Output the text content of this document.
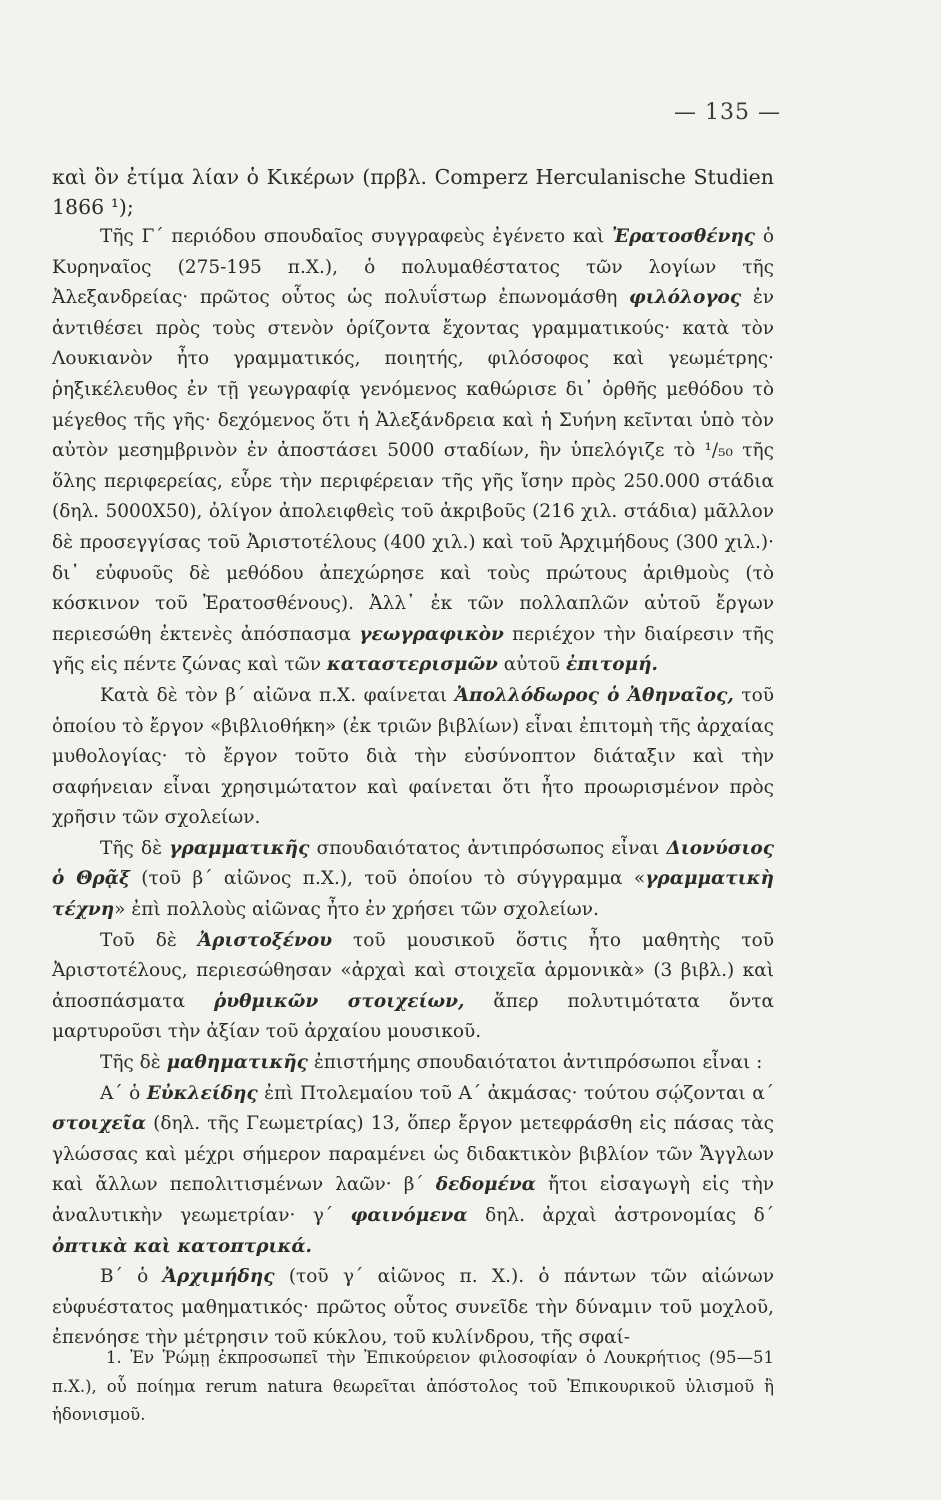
— 135 —

καὶ ὃν ἐτίμα λίαν ὁ Κικέρων (πρβλ. Comperz Herculanische Studien 1866 ¹);

Τῆς Γ΄ περιόδου σπουδαῖος συγγραφεὺς ἐγένετο καὶ Ἐρατοσθένης ὁ Κυρηναῖος (275-195 π.Χ.), ὁ πολυμαθέστατος τῶν λογίων τῆς Ἀλεξανδρείας· πρῶτος οὗτος ὡς πολυΐστωρ ἐπωνομάσθη φιλόλογος ἐν ἀντιθέσει πρὸς τοὺς στενὸν ὁρίζοντα ἔχοντας γραμματικούς· κατὰ τὸν Λουκιανὸν ἦτο γραμματικός, ποιητής, φιλόσοφος καὶ γεωμέτρης· ῥηξικέλευθος ἐν τῇ γεωγραφίᾳ γενόμενος καθώρισε δι᾽ ὀρθῆς μεθόδου τὸ μέγεθος τῆς γῆς· δεχόμενος ὅτι ἡ Ἀλεξάνδρεια καὶ ἡ Συήνη κεῖνται ὑπὸ τὸν αὐτὸν μεσημβρινὸν ἐν ἀποστάσει 5000 σταδίων, ἣν ὑπελόγιζε τὸ ¹/₅₀ τῆς ὅλης περιφερείας, εὗρε τὴν περιφέρειαν τῆς γῆς ἴσην πρὸς 250.000 στάδια (δηλ. 5000X50), ὀλίγον ἀπολειφθεὶς τοῦ ἀκριβοῦς (216 χιλ. στάδια) μᾶλλον δὲ προσεγγίσας τοῦ Ἀριστοτέλους (400 χιλ.) καὶ τοῦ Ἀρχιμήδους (300 χιλ.)· δι᾽ εὐφυοῦς δὲ μεθόδου ἀπεχώρησε καὶ τοὺς πρώτους ἀριθμοὺς (τὸ κόσκινον τοῦ Ἐρατοσθένους). Ἀλλ᾽ ἐκ τῶν πολλαπλῶν αὐτοῦ ἔργων περιεσώθη ἐκτενὲς ἀπόσπασμα γεωγραφικὸν περιέχον τὴν διαίρεσιν τῆς γῆς εἰς πέντε ζώνας καὶ τῶν καταστερισμῶν αὐτοῦ ἐπιτομή.

Κατὰ δὲ τὸν β΄ αἰῶνα π.Χ. φαίνεται Ἀπολλόδωρος ὁ Ἀθηναῖος, τοῦ ὁποίου τὸ ἔργον «βιβλιοθήκη» (ἐκ τριῶν βιβλίων) εἶναι ἐπιτομὴ τῆς ἀρχαίας μυθολογίας· τὸ ἔργον τοῦτο διὰ τὴν εὐσύνοπτον διάταξιν καὶ τὴν σαφήνειαν εἶναι χρησιμώτατον καὶ φαίνεται ὅτι ἦτο προωρισμένον πρὸς χρῆσιν τῶν σχολείων.

Τῆς δὲ γραμματικῆς σπουδαιότατος ἀντιπρόσωπος εἶναι Διονύσιος ὁ Θρᾷξ (τοῦ β΄ αἰῶνος π.Χ.), τοῦ ὁποίου τὸ σύγγραμμα «γραμματικὴ τέχνη» ἐπὶ πολλοὺς αἰῶνας ἦτο ἐν χρήσει τῶν σχολείων.

Τοῦ δὲ Ἀριστοξένου τοῦ μουσικοῦ ὅστις ἦτο μαθητὴς τοῦ Ἀριστοτέλους, περιεσώθησαν «ἀρχαὶ καὶ στοιχεῖα ἁρμονικὰ» (3 βιβλ.) καὶ ἀποσπάσματα ῥυθμικῶν στοιχείων, ἅπερ πολυτιμότατα ὄντα μαρτυροῦσι τὴν ἀξίαν τοῦ ἀρχαίου μουσικοῦ.

Τῆς δὲ μαθηματικῆς ἐπιστήμης σπουδαιότατοι ἀντιπρόσωποι εἶναι :

Α΄ ὁ Εὐκλείδης ἐπὶ Πτολεμαίου τοῦ Α΄ ἀκμάσας· τούτου σῴζονται α΄ στοιχεῖα (δηλ. τῆς Γεωμετρίας) 13, ὅπερ ἔργον μετεφράσθη εἰς πάσας τὰς γλώσσας καὶ μέχρι σήμερον παραμένει ὡς διδακτικὸν βιβλίον τῶν Ἄγγλων καὶ ἄλλων πεπολιτισμένων λαῶν· β΄ δεδομένα ἤτοι εἰσαγωγὴ εἰς τὴν ἀναλυτικὴν γεωμετρίαν· γ΄ φαινόμενα δηλ. ἀρχαὶ ἀστρονομίας δ΄ ὀπτικὰ καὶ κατοπτρικά.

Β΄ ὁ Ἀρχιμήδης (τοῦ γ΄ αἰῶνος π. Χ.). ὁ πάντων τῶν αἰώνων εὐφυέστατος μαθηματικός· πρῶτος οὗτος συνεῖδε τὴν δύναμιν τοῦ μοχλοῦ, ἐπενόησε τὴν μέτρησιν τοῦ κύκλου, τοῦ κυλίνδρου, τῆς σφαί-

1. Ἐν Ῥώμῃ ἐκπροσωπεῖ τὴν Ἐπικούρειον φιλοσοφίαν ὁ Λουκρήτιος (95—51 π.Χ.), οὗ ποίημα rerum natura θεωρεῖται ἀπόστολος τοῦ Ἐπικουρικοῦ ὑλισμοῦ ἢ ἡδονισμοῦ.
